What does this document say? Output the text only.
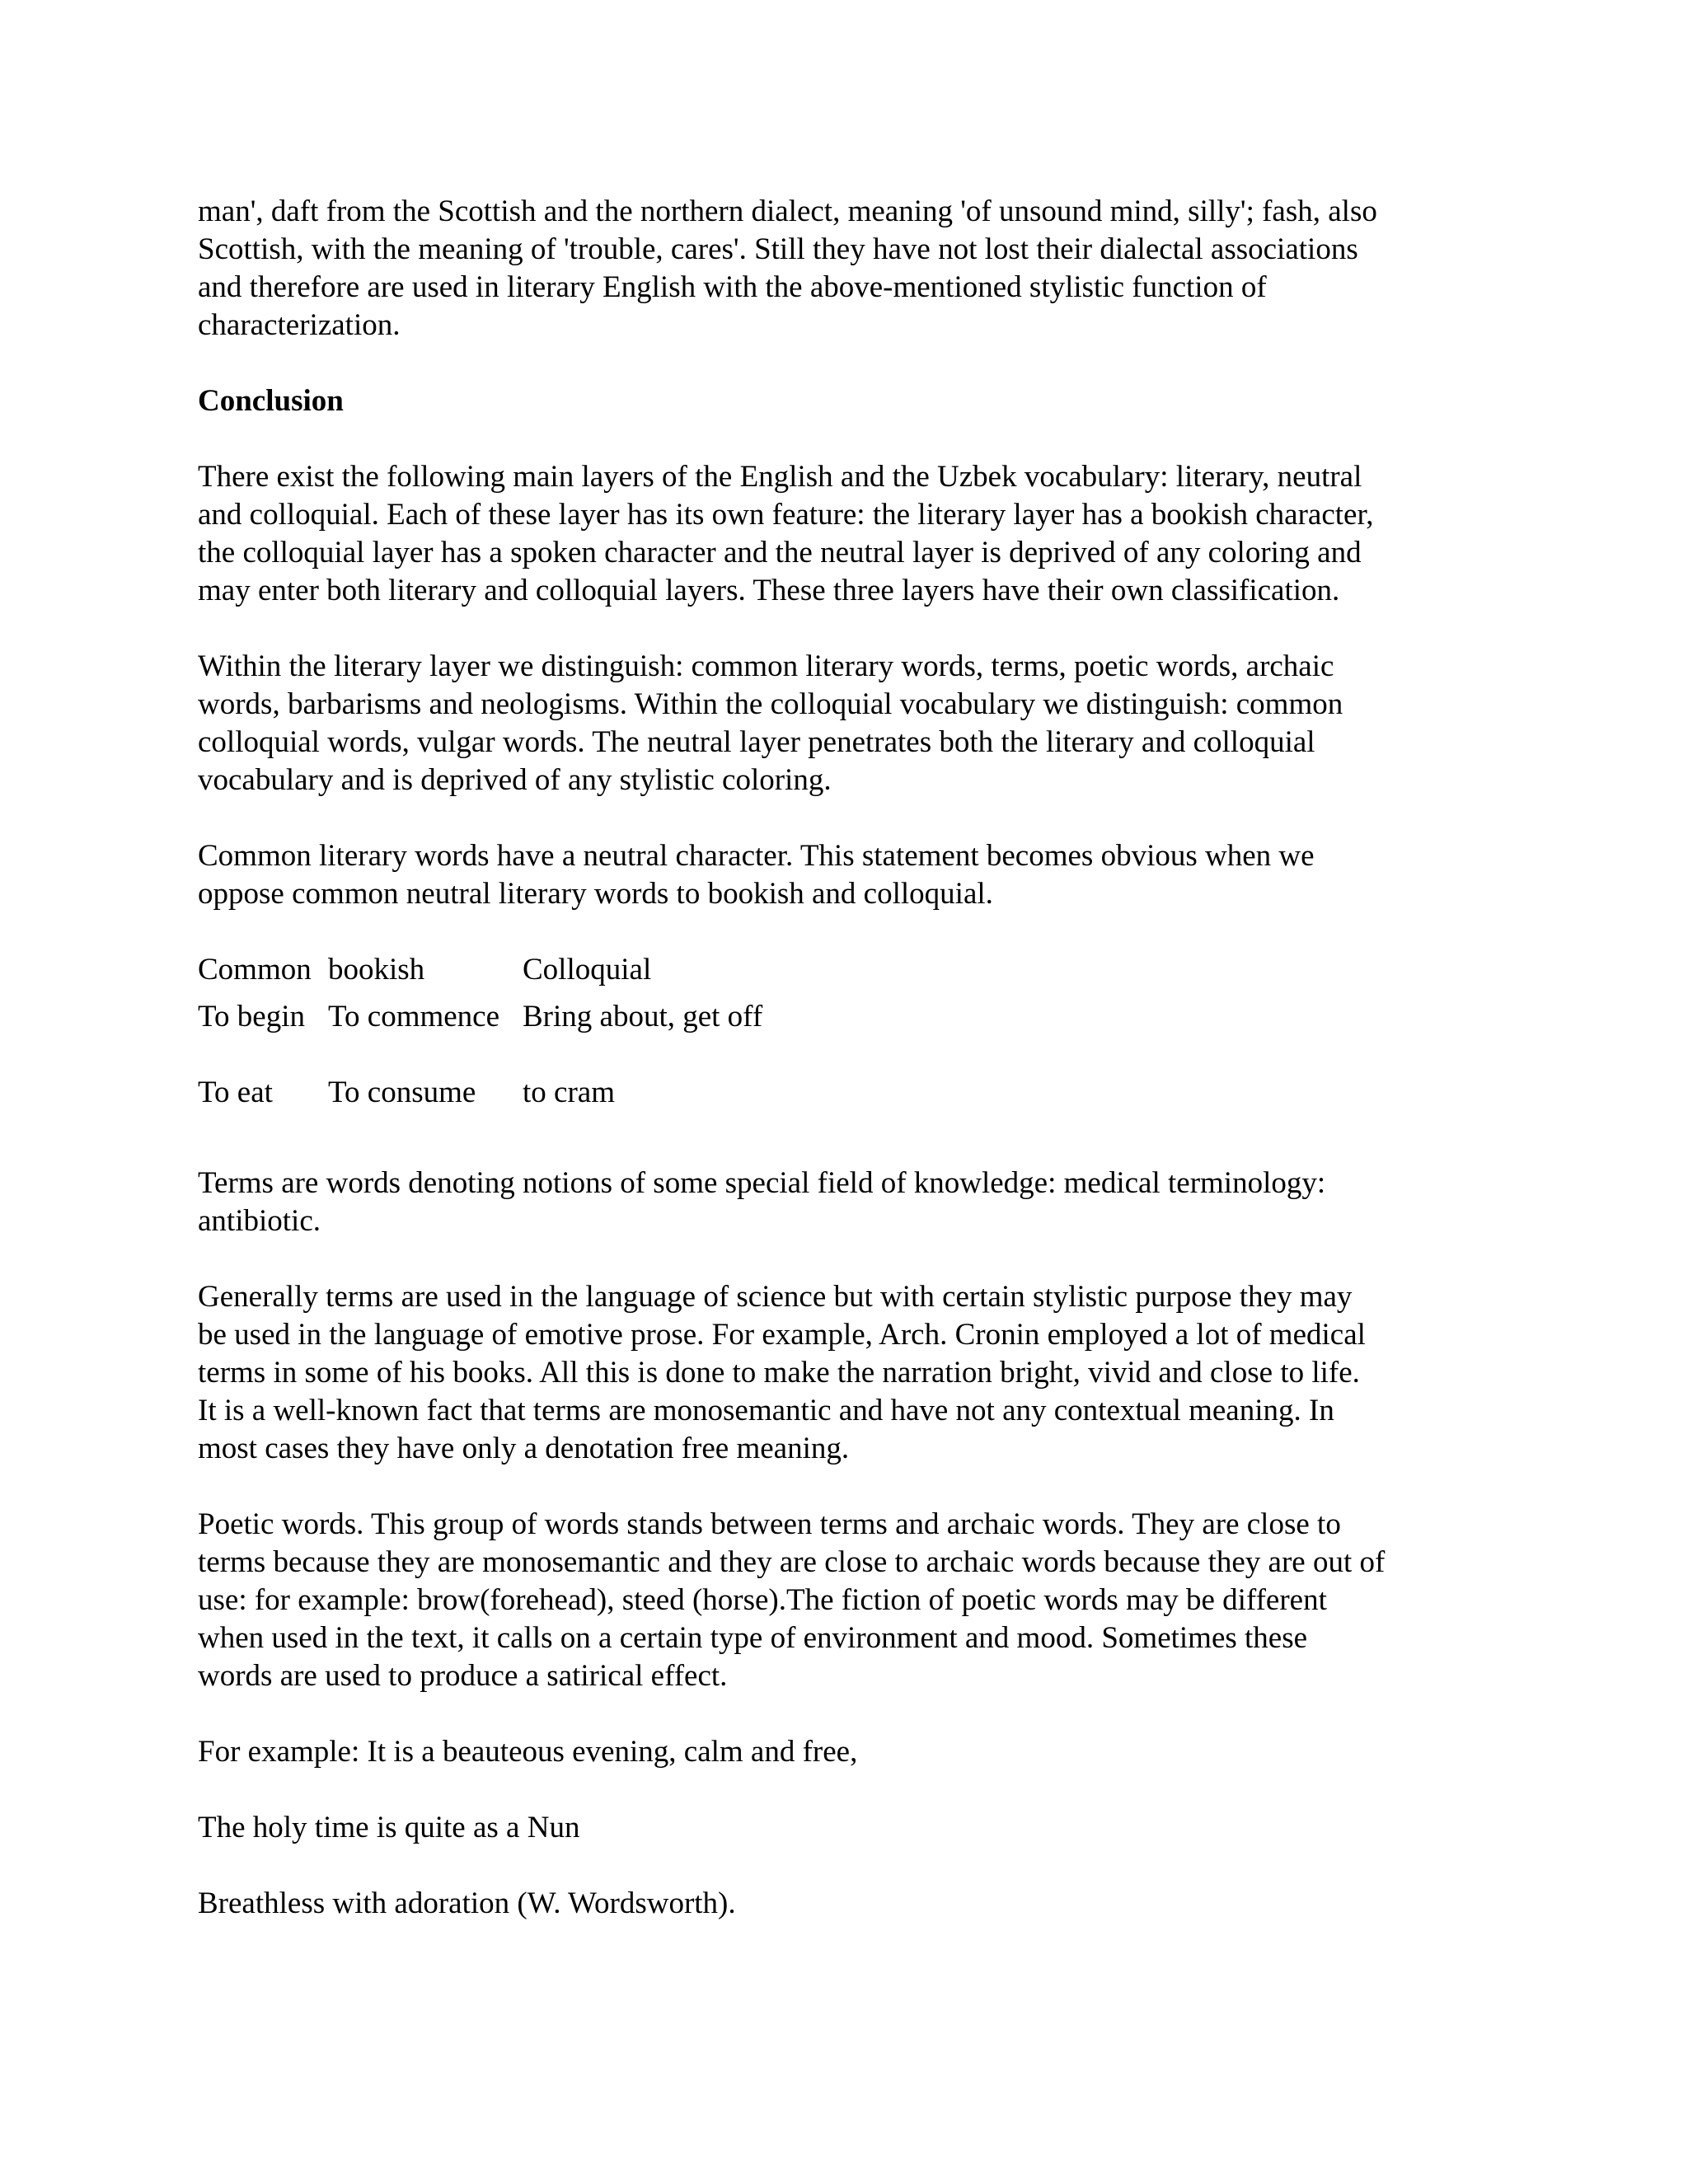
man', daft from the Scottish and the northern dialect, meaning 'of unsound mind, silly'; fash, also
Scottish, with the meaning of 'trouble, cares'. Still they have not lost their dialectal associations
and therefore are used in literary English with the above-mentioned stylistic function of
characterization.

Conclusion

There exist the following main layers of the English and the Uzbek vocabulary: literary, neutral
and colloquial. Each of these layer has its own feature: the literary layer has a bookish character,
the colloquial layer has a spoken character and the neutral layer is deprived of any coloring and
may enter both literary and colloquial layers. These three layers have their own classification.

Within the literary layer we distinguish: common literary words, terms, poetic words, archaic
words, barbarisms and neologisms. Within the colloquial vocabulary we distinguish: common
colloquial words, vulgar words. The neutral layer penetrates both the literary and colloquial
vocabulary and is deprived of any stylistic coloring.

Common literary words have a neutral character. This statement becomes obvious when we
oppose common neutral literary words to bookish and colloquial.

Common	bookish	Colloquial
To begin	To commence	Bring about, get off
To eat	To consume	to cram

Terms are words denoting notions of some special field of knowledge: medical terminology:
antibiotic.

Generally terms are used in the language of science but with certain stylistic purpose they may
be used in the language of emotive prose. For example, Arch. Cronin employed a lot of medical
terms in some of his books. All this is done to make the narration bright, vivid and close to life.
It is a well-known fact that terms are monosemantic and have not any contextual meaning. In
most cases they have only a denotation free meaning.

Poetic words. This group of words stands between terms and archaic words. They are close to
terms because they are monosemantic and they are close to archaic words because they are out of
use: for example: brow(forehead), steed (horse).The fiction of poetic words may be different
when used in the text, it calls on a certain type of environment and mood. Sometimes these
words are used to produce a satirical effect.

For example: It is a beauteous evening, calm and free,

The holy time is quite as a Nun

Breathless with adoration (W. Wordsworth).
